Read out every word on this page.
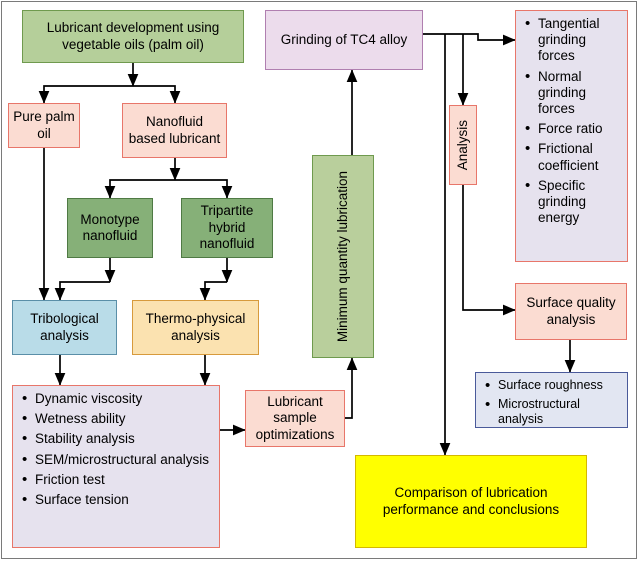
Lubricant development using vegetable oils (palm oil)
Pure palm oil
Nanofluid based lubricant
Monotype nanofluid
Tripartite hybrid nanofluid
Tribological analysis
Thermo-physical analysis
• Dynamic viscosity
• Wetness ability
• Stability analysis
• SEM/microstructural analysis
• Friction test
• Surface tension
Lubricant sample optimizations
Grinding of TC4 alloy
Minimum quantity lubrication
Analysis
• Tangential grinding forces
• Normal grinding forces
• Force ratio
• Frictional coefficient
• Specific grinding energy
Surface quality analysis
• Surface roughness
• Microstructural analysis
Comparison of lubrication performance and conclusions
